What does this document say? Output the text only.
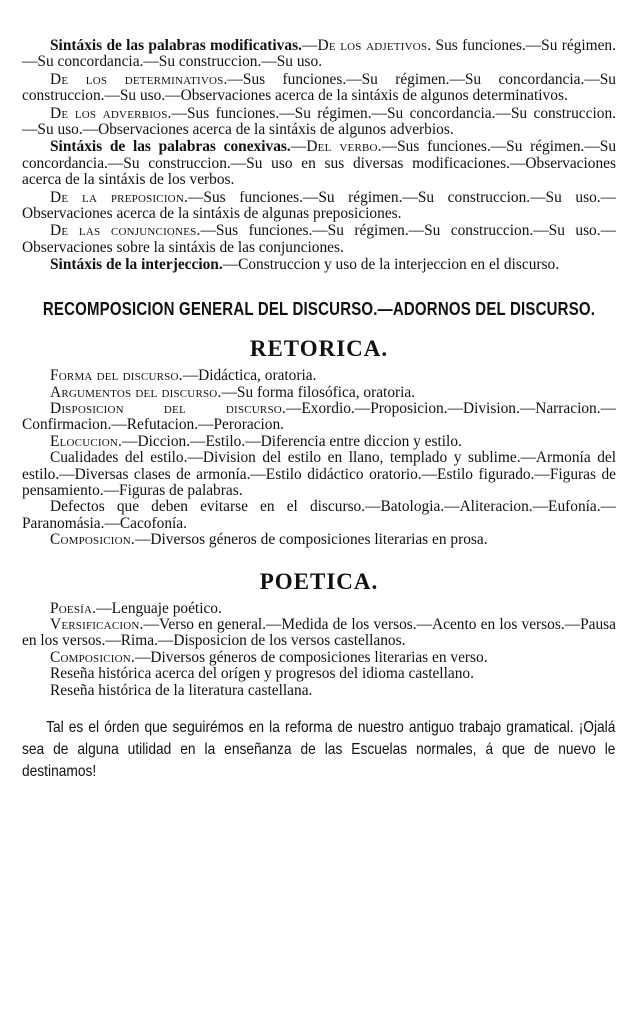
Sintáxis de las palabras modificativas.—De los adjetivos. Sus funciones.—Su régimen.—Su concordancia.—Su construccion.—Su uso.

De los determinativos.—Sus funciones.—Su régimen.—Su concordancia.—Su construccion.—Su uso.—Observaciones acerca de la sintáxis de algunos determinativos.

De los adverbios.—Sus funciones.—Su régimen.—Su concordancia.—Su construccion.—Su uso.—Observaciones acerca de la sintáxis de algunos adverbios.

Sintáxis de las palabras conexivas.—Del verbo.—Sus funciones.—Su régimen.—Su concordancia.—Su construccion.—Su uso en sus diversas modificaciones.—Observaciones acerca de la sintáxis de los verbos.

De la preposicion.—Sus funciones.—Su régimen.—Su construccion.—Su uso.—Observaciones acerca de la sintáxis de algunas preposiciones.

De las conjunciones.—Sus funciones.—Su régimen.—Su construccion.—Su uso.—Observaciones sobre la sintáxis de las conjunciones.

Sintáxis de la interjeccion.—Construccion y uso de la interjeccion en el discurso.

RECOMPOSICION GENERAL DEL DISCURSO.—ADORNOS DEL DISCURSO.

RETORICA.

Forma del discurso.—Didáctica, oratoria.

Argumentos del discurso.—Su forma filosófica, oratoria.

Disposicion del discurso.—Exordio.—Proposicion.—Division.—Narracion.—Confirmacion.—Refutacion.—Peroracion.

Elocucion.—Diccion.—Estilo.—Diferencia entre diccion y estilo.

Cualidades del estilo.—Division del estilo en llano, templado y sublime.—Armonía del estilo.—Diversas clases de armonía.—Estilo didáctico oratorio.—Estilo figurado.—Figuras de pensamiento.—Figuras de palabras.

Defectos que deben evitarse en el discurso.—Batologia.—Aliteracion.—Eufonía.—Paranomásia.—Cacofonía.

Composicion.—Diversos géneros de composiciones literarias en prosa.

POETICA.

Poesía.—Lenguaje poético.

Versificacion.—Verso en general.—Medida de los versos.—Acento en los versos.—Pausa en los versos.—Rima.—Disposicion de los versos castellanos.

Composicion.—Diversos géneros de composiciones literarias en verso.

Reseña histórica acerca del orígen y progresos del idioma castellano.

Reseña histórica de la literatura castellana.

Tal es el órden que seguirémos en la reforma de nuestro antiguo trabajo gramatical. ¡Ojalá sea de alguna utilidad en la enseñanza de las Escuelas normales, á que de nuevo le destinamos!
